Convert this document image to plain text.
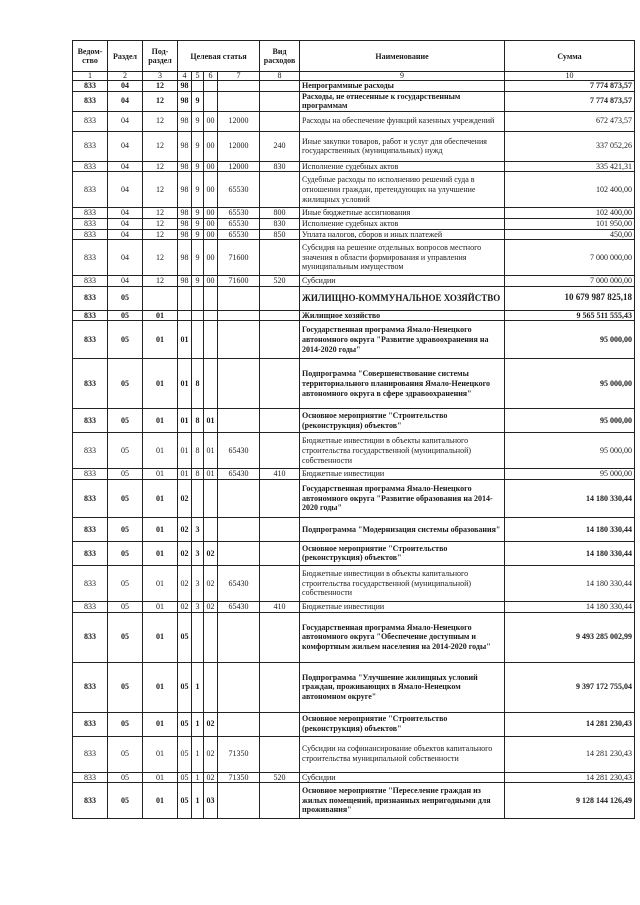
Ведом-
ство	Раздел	Под-
раздел	Целевая статья				Вид
расходов	Наименование	Сумма
1	2	3	4	5	6	7	8	9	10
833	04	12	98					Непрограммные расходы	7 774 873,57
833	04	12	98	9				Расходы, не отнесенные к государственным программам	7 774 873,57
833	04	12	98	9	00	12000		Расходы на обеспечение функций казенных учреждений	672 473,57
833	04	12	98	9	00	12000	240	Иные закупки товаров, работ и услуг для обеспечения государственных (муниципальных) нужд	337 052,26
833	04	12	98	9	00	12000	830	Исполнение судебных актов	335 421,31
833	04	12	98	9	00	65530		Судебные расходы по исполнению решений суда в отношении граждан, претендующих на улучшение жилищных условий	102 400,00
833	04	12	98	9	00	65530	800	Иные бюджетные ассигнования	102 400,00
833	04	12	98	9	00	65530	830	Исполнение судебных актов	101 950,00
833	04	12	98	9	00	65530	850	Уплата налогов, сборов и иных платежей	450,00
833	04	12	98	9	00	71600		Субсидия на решение отдельных вопросов местного значения в области формирования и управления муниципальным имуществом	7 000 000,00
833	04	12	98	9	00	71600	520	Субсидии	7 000 000,00
833	05							ЖИЛИЩНО-КОММУНАЛЬНОЕ ХОЗЯЙСТВО	10 679 987 825,18
833	05	01						Жилищное хозяйство	9 565 511 555,43
833	05	01	01					Государственная программа Ямало-Ненецкого автономного округа "Развитие здравоохранения на 2014-2020 годы"	95 000,00
833	05	01	01	8				Подпрограмма "Совершенствование системы территориального планирования Ямало-Ненецкого автономного округа в сфере здравоохранения"	95 000,00
833	05	01	01	8	01			Основное мероприятие "Строительство (реконструкция) объектов"	95 000,00
833	05	01	01	8	01	65430		Бюджетные инвестиции в объекты капитального строительства государственной (муниципальной) собственности	95 000,00
833	05	01	01	8	01	65430	410	Бюджетные инвестиции	95 000,00
833	05	01	02					Государственная программа Ямало-Ненецкого автономного округа "Развитие образования на 2014-2020 годы"	14 180 330,44
833	05	01	02	3				Подпрограмма "Модернизация системы образования"	14 180 330,44
833	05	01	02	3	02			Основное мероприятие "Строительство (реконструкция) объектов"	14 180 330,44
833	05	01	02	3	02	65430		Бюджетные инвестиции в объекты капитального строительства государственной (муниципальной) собственности	14 180 330,44
833	05	01	02	3	02	65430	410	Бюджетные инвестиции	14 180 330,44
833	05	01	05					Государственная программа Ямало-Ненецкого автономного округа "Обеспечение доступным и комфортным жильем населения на 2014-2020 годы"	9 493 285 002,99
833	05	01	05	1				Подпрограмма "Улучшение жилищных условий граждан, проживающих в Ямало-Ненецком автономном округе"	9 397 172 755,04
833	05	01	05	1	02			Основное мероприятие "Строительство (реконструкция) объектов"	14 281 230,43
833	05	01	05	1	02	71350		Субсидии на софинансирование объектов капитального строительства муниципальной собственности	14 281 230,43
833	05	01	05	1	02	71350	520	Субсидии	14 281 230,43
833	05	01	05	1	03			Основное мероприятие "Переселение граждан из жилых помещений, признанных непригодными для проживания"	9 128 144 126,49
